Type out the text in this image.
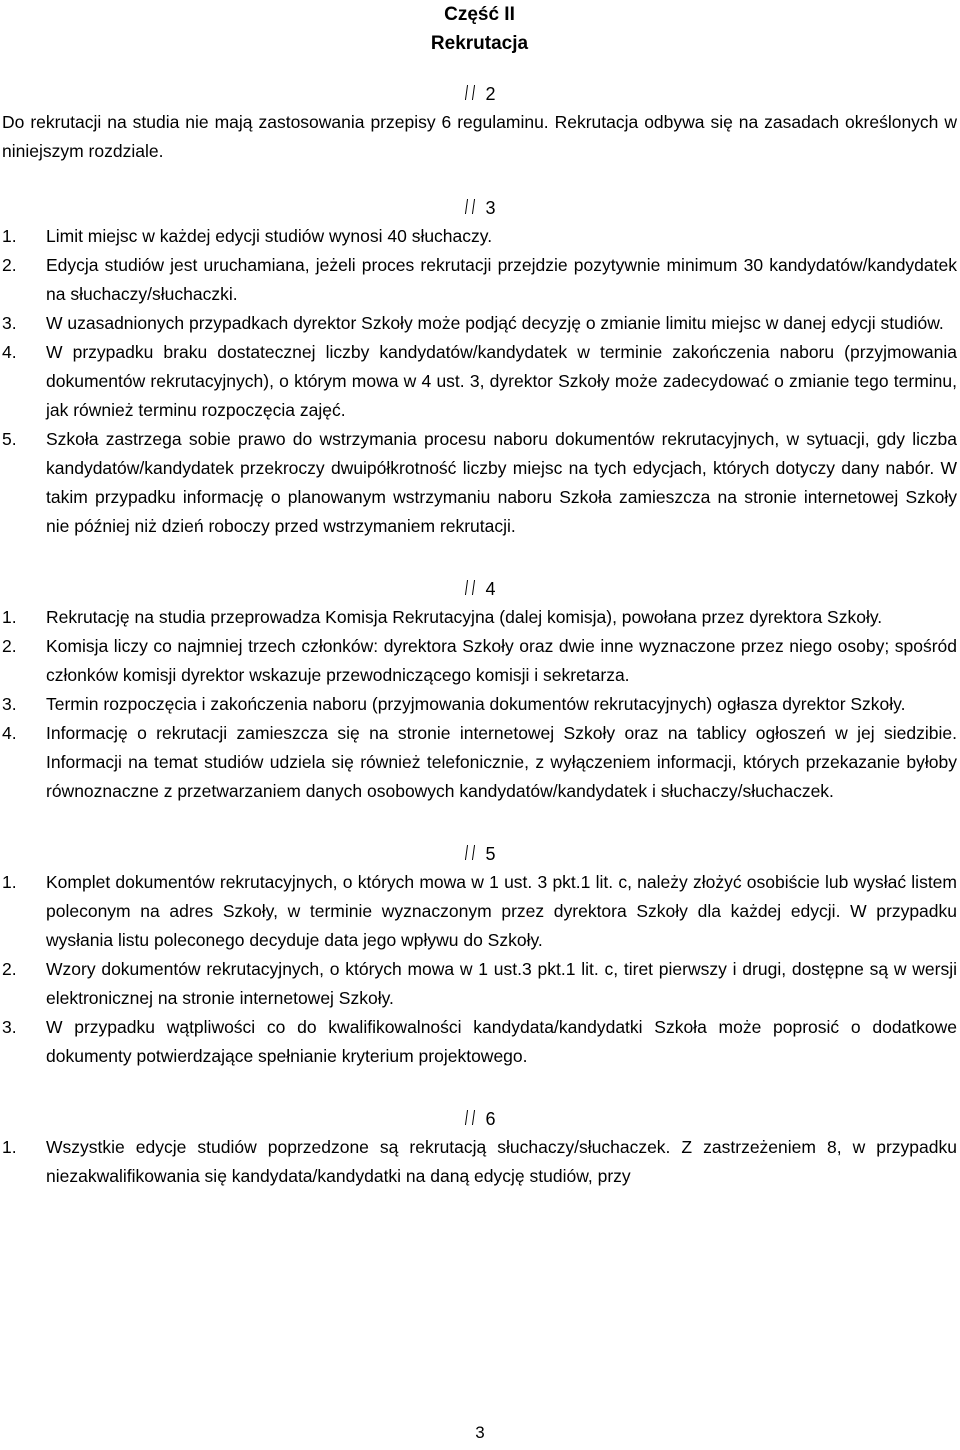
Część II
Rekrutacja
2

Do rekrutacji na studia nie mają zastosowania przepisy 6 regulaminu. Rekrutacja odbywa się na zasadach określonych w niniejszym rozdziale.

3
1. Limit miejsc w każdej edycji studiów wynosi 40 słuchaczy.
2. Edycja studiów jest uruchamiana, jeżeli proces rekrutacji przejdzie pozytywnie minimum 30 kandydatów/kandydatek na słuchaczy/słuchaczki.
3. W uzasadnionych przypadkach dyrektor Szkoły może podjąć decyzję o zmianie limitu miejsc w danej edycji studiów.
4. W przypadku braku dostatecznej liczby kandydatów/kandydatek w terminie zakończenia naboru (przyjmowania dokumentów rekrutacyjnych), o którym mowa w 4 ust. 3, dyrektor Szkoły może zadecydować o zmianie tego terminu, jak również terminu rozpoczęcia zajęć.
5. Szkoła zastrzega sobie prawo do wstrzymania procesu naboru dokumentów rekrutacyjnych, w sytuacji, gdy liczba kandydatów/kandydatek przekroczy dwuipółkrotność liczby miejsc na tych edycjach, których dotyczy dany nabór. W takim przypadku informację o planowanym wstrzymaniu naboru Szkoła zamieszcza na stronie internetowej Szkoły nie później niż dzień roboczy przed wstrzymaniem rekrutacji.
4
1. Rekrutację na studia przeprowadza Komisja Rekrutacyjna (dalej komisja), powołana przez dyrektora Szkoły.
2. Komisja liczy co najmniej trzech członków: dyrektora Szkoły oraz dwie inne wyznaczone przez niego osoby; spośród członków komisji dyrektor wskazuje przewodniczącego komisji i sekretarza.
3. Termin rozpoczęcia i zakończenia naboru (przyjmowania dokumentów rekrutacyjnych) ogłasza dyrektor Szkoły.
4. Informację o rekrutacji zamieszcza się na stronie internetowej Szkoły oraz na tablicy ogłoszeń w jej siedzibie. Informacji na temat studiów udziela się również telefonicznie, z wyłączeniem informacji, których przekazanie byłoby równoznaczne z przetwarzaniem danych osobowych kandydatów/kandydatek i słuchaczy/słuchaczek.
5
1. Komplet dokumentów rekrutacyjnych, o których mowa w 1 ust. 3 pkt.1 lit. c, należy złożyć osobiście lub wysłać listem poleconym na adres Szkoły, w terminie wyznaczonym przez dyrektora Szkoły dla każdej edycji. W przypadku wysłania listu poleconego decyduje data jego wpływu do Szkoły.
2. Wzory dokumentów rekrutacyjnych, o których mowa w 1 ust.3 pkt.1 lit. c, tiret pierwszy i drugi, dostępne są w wersji elektronicznej na stronie internetowej Szkoły.
3. W przypadku wątpliwości co do kwalifikowalności kandydata/kandydatki Szkoła może poprosić o dodatkowe dokumenty potwierdzające spełnianie kryterium projektowego.
6
1. Wszystkie edycje studiów poprzedzone są rekrutacją słuchaczy/słuchaczek. Z zastrzeżeniem 8, w przypadku niezakwalifikowania się kandydata/kandydatki na daną edycję studiów, przy
3
